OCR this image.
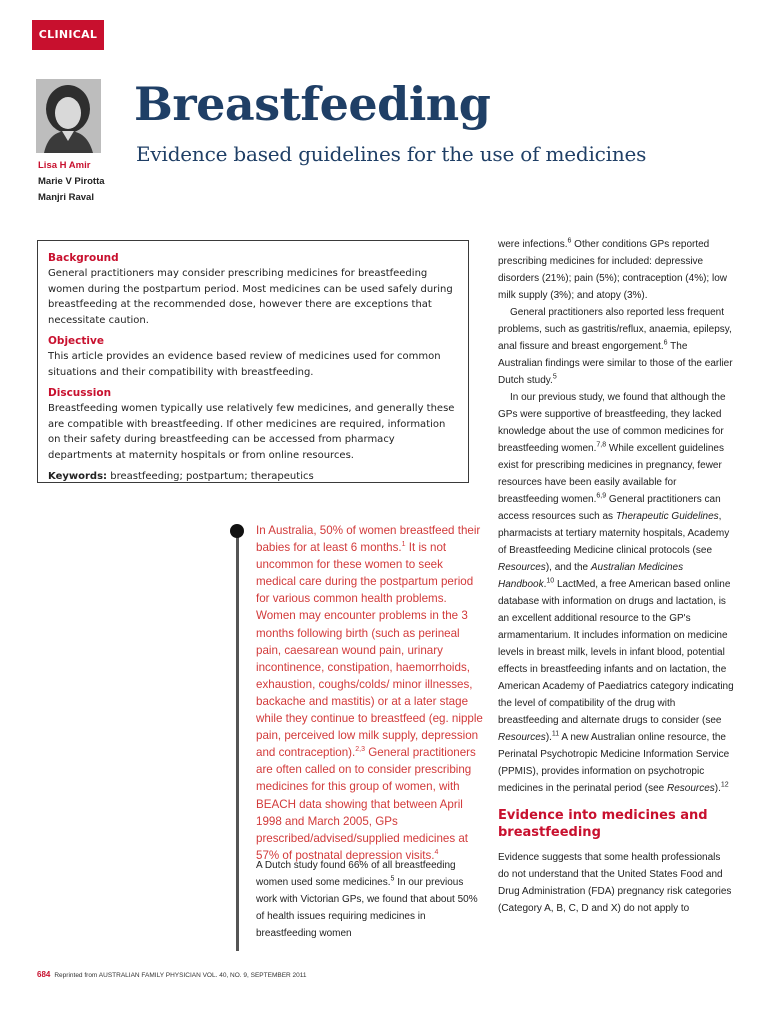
CLINICAL
Lisa H Amir
Marie V Pirotta
Manjri Raval
Breastfeeding
Evidence based guidelines for the use of medicines
Background

General practitioners may consider prescribing medicines for breastfeeding women during the postpartum period. Most medicines can be used safely during breastfeeding at the recommended dose, however there are exceptions that necessitate caution.

Objective

This article provides an evidence based review of medicines used for common situations and their compatibility with breastfeeding.

Discussion

Breastfeeding women typically use relatively few medicines, and generally these are compatible with breastfeeding. If other medicines are required, information on their safety during breastfeeding can be accessed from pharmacy departments at maternity hospitals or from online resources.

Keywords: breastfeeding; postpartum; therapeutics

In Australia, 50% of women breastfeed their babies for at least 6 months.$^1$ It is not uncommon for these women to seek medical care during the postpartum period for various common health problems. Women may encounter problems in the 3 months following birth (such as perineal pain, caesarean wound pain, urinary incontinence, constipation, haemorrhoids, exhaustion, coughs/colds/ minor illnesses, backache and mastitis) or at a later stage while they continue to breastfeed (eg. nipple pain, perceived low milk supply, depression and contraception).$^{2,3}$ General practitioners are often called on to consider prescribing medicines for this group of women, with BEACH data showing that between April 1998 and March 2005, GPs prescribed/advised/supplied medicines at 57% of postnatal depression visits.$^4$

A Dutch study found 66% of all breastfeeding women used some medicines.$^5$ In our previous work with Victorian GPs, we found that about 50% of health issues requiring medicines in breastfeeding women

were infections.$^6$ Other conditions GPs reported prescribing medicines for included: depressive disorders (21%); pain (5%); contraception (4%); low milk supply (3%); and atopy (3%).

General practitioners also reported less frequent problems, such as gastritis/reflux, anaemia, epilepsy, anal fissure and breast engorgement.$^6$ The Australian findings were similar to those of the earlier Dutch study.$^5$

In our previous study, we found that although the GPs were supportive of breastfeeding, they lacked knowledge about the use of common medicines for breastfeeding women.$^{7,8}$ While excellent guidelines exist for prescribing medicines in pregnancy, fewer resources have been easily available for breastfeeding women.$^{6,9}$ General practitioners can access resources such as Therapeutic Guidelines, pharmacists at tertiary maternity hospitals, Academy of Breastfeeding Medicine clinical protocols (see Resources), and the Australian Medicines Handbook.$^{10}$ LactMed, a free American based online database with information on drugs and lactation, is an excellent additional resource to the GP's armamentarium. It includes information on medicine levels in breast milk, levels in infant blood, potential effects in breastfeeding infants and on lactation, the American Academy of Paediatrics category indicating the level of compatibility of the drug with breastfeeding and alternate drugs to consider (see Resources).$^{11}$ A new Australian online resource, the Perinatal Psychotropic Medicine Information Service (PPMIS), provides information on psychotropic medicines in the perinatal period (see Resources).$^{12}$

Evidence into medicines and breastfeeding

Evidence suggests that some health professionals do not understand that the United States Food and Drug Administration (FDA) pregnancy risk categories (Category A, B, C, D and X) do not apply to

684 Reprinted from AUSTRALIAN FAMILY PHYSICIAN VOL. 40, NO. 9, SEPTEMBER 2011
